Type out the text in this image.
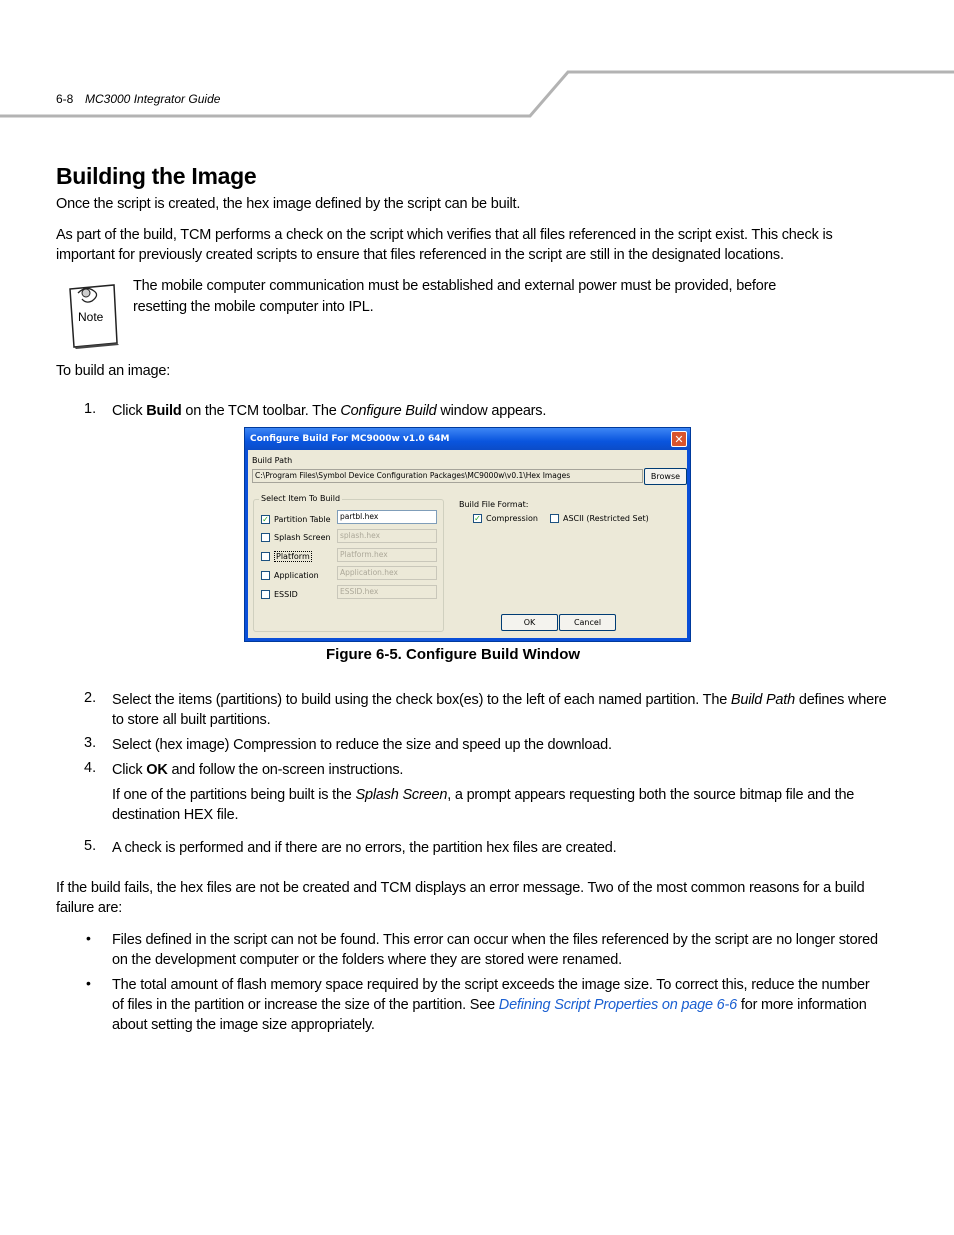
6-8 MC3000 Integrator Guide
Building the Image
Once the script is created, the hex image defined by the script can be built.
As part of the build, TCM performs a check on the script which verifies that all files referenced in the script exist. This check is
important for previously created scripts to ensure that files referenced in the script are still in the designated locations.
Note
The mobile computer communication must be established and external power must be provided, before
resetting the mobile computer into IPL.
To build an image:
1. Click Build on the TCM toolbar. The Configure Build window appears.
Configure Build For MC9000w v1.0 64M	✕
Build Path
C:\Program Files\Symbol Device Configuration Packages\MC9000w\v0.1\Hex Images	Browse
Select Item To Build
✓ Partition Table	partbl.hex
Splash Screen	splash.hex
Platform	Platform.hex
Application	Application.hex
ESSID	ESSID.hex
Build File Format:
✓ Compression	ASCII (Restricted Set)
OK	Cancel
Figure 6-5. Configure Build Window
2. Select the items (partitions) to build using the check box(es) to the left of each named partition. The Build Path defines where
to store all built partitions.
3. Select (hex image) Compression to reduce the size and speed up the download.
4. Click OK and follow the on-screen instructions.
If one of the partitions being built is the Splash Screen, a prompt appears requesting both the source bitmap file and the
destination HEX file.
5. A check is performed and if there are no errors, the partition hex files are created.
If the build fails, the hex files are not be created and TCM displays an error message. Two of the most common reasons for a build
failure are:
• Files defined in the script can not be found. This error can occur when the files referenced by the script are no longer stored
on the development computer or the folders where they are stored were renamed.
• The total amount of flash memory space required by the script exceeds the image size. To correct this, reduce the number
of files in the partition or increase the size of the partition. See Defining Script Properties on page 6-6 for more information
about setting the image size appropriately.
